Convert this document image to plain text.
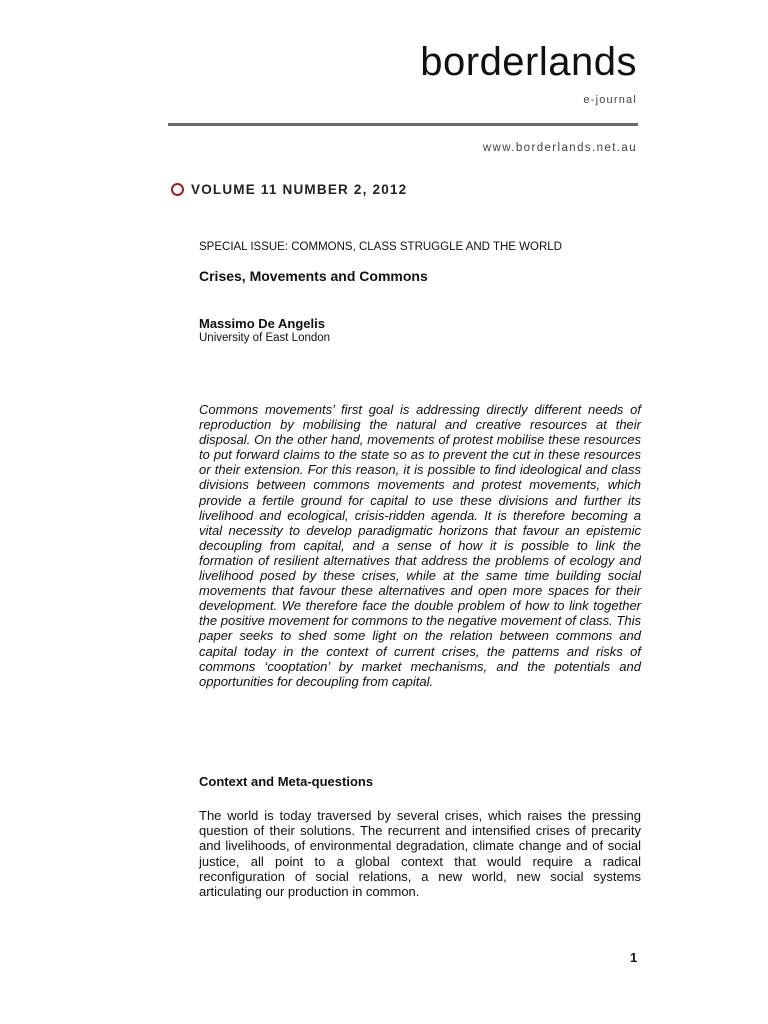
borderlands
e-journal
www.borderlands.net.au
VOLUME 11 NUMBER 2, 2012
SPECIAL ISSUE: COMMONS, CLASS STRUGGLE AND THE WORLD
Crises, Movements and Commons
Massimo De Angelis
University of East London
Commons movements’ first goal is addressing directly different needs of reproduction by mobilising the natural and creative resources at their disposal. On the other hand, movements of protest mobilise these resources to put forward claims to the state so as to prevent the cut in these resources or their extension. For this reason, it is possible to find ideological and class divisions between commons movements and protest movements, which provide a fertile ground for capital to use these divisions and further its livelihood and ecological, crisis-ridden agenda. It is therefore becoming a vital necessity to develop paradigmatic horizons that favour an epistemic decoupling from capital, and a sense of how it is possible to link the formation of resilient alternatives that address the problems of ecology and livelihood posed by these crises, while at the same time building social movements that favour these alternatives and open more spaces for their development. We therefore face the double problem of how to link together the positive movement for commons to the negative movement of class. This paper seeks to shed some light on the relation between commons and capital today in the context of current crises, the patterns and risks of commons ‘cooptation’ by market mechanisms, and the potentials and opportunities for decoupling from capital.
Context and Meta-questions
The world is today traversed by several crises, which raises the pressing question of their solutions. The recurrent and intensified crises of precarity and livelihoods, of environmental degradation, climate change and of social justice, all point to a global context that would require a radical reconfiguration of social relations, a new world, new social systems articulating our production in common.
1
